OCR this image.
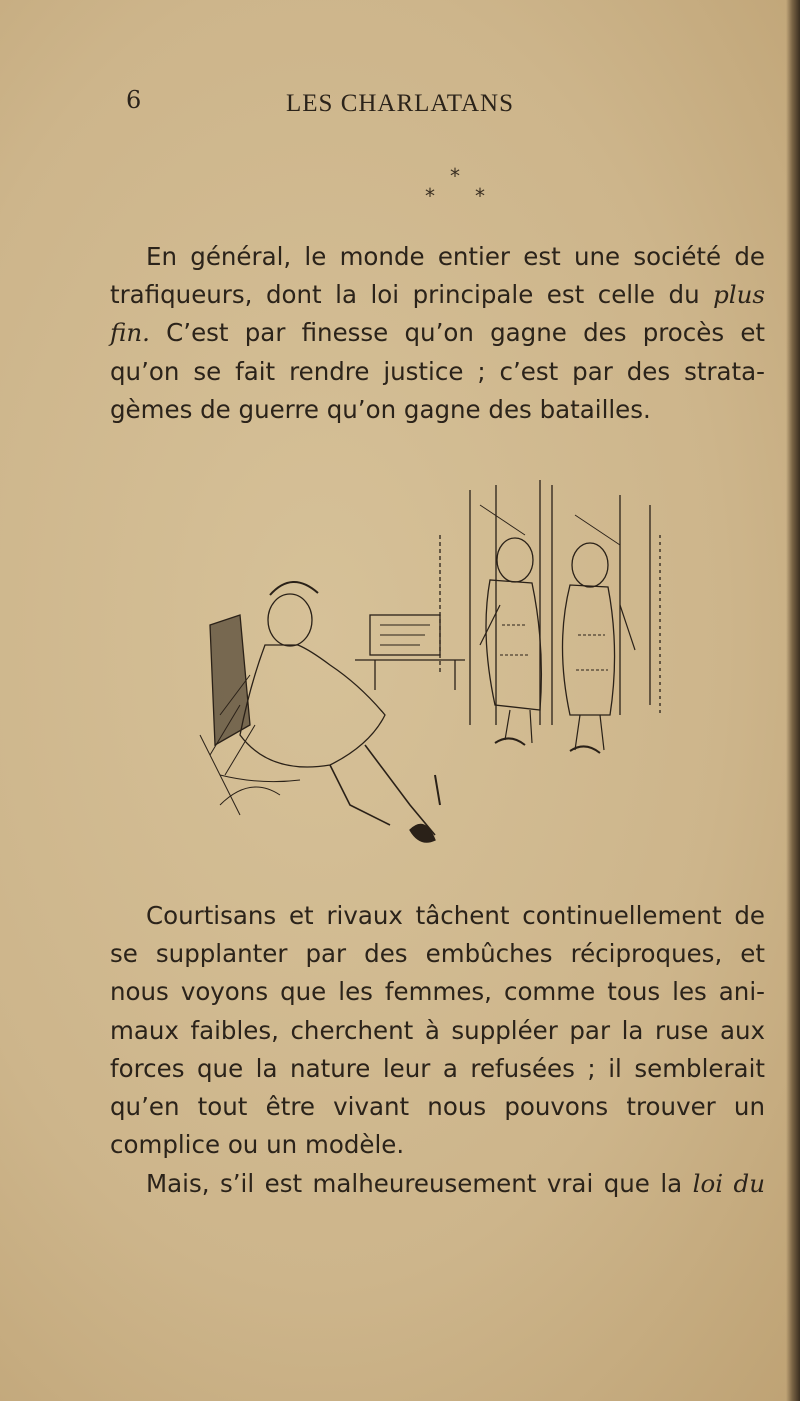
6	LES CHARLATANS
*
* *
En général, le monde entier est une société de
trafiqueurs, dont la loi principale est celle du plus
fin. C’est par finesse qu’on gagne des procès et
qu’on se fait rendre justice ; c’est par des strata-
gèmes de guerre qu’on gagne des batailles.
Courtisans et rivaux tâchent continuellement de
se supplanter par des embûches réciproques, et
nous voyons que les femmes, comme tous les ani-
maux faibles, cherchent à suppléer par la ruse aux
forces que la nature leur a refusées ; il semblerait
qu’en tout être vivant nous pouvons trouver un
complice ou un modèle.
Mais, s’il est malheureusement vrai que la loi du
